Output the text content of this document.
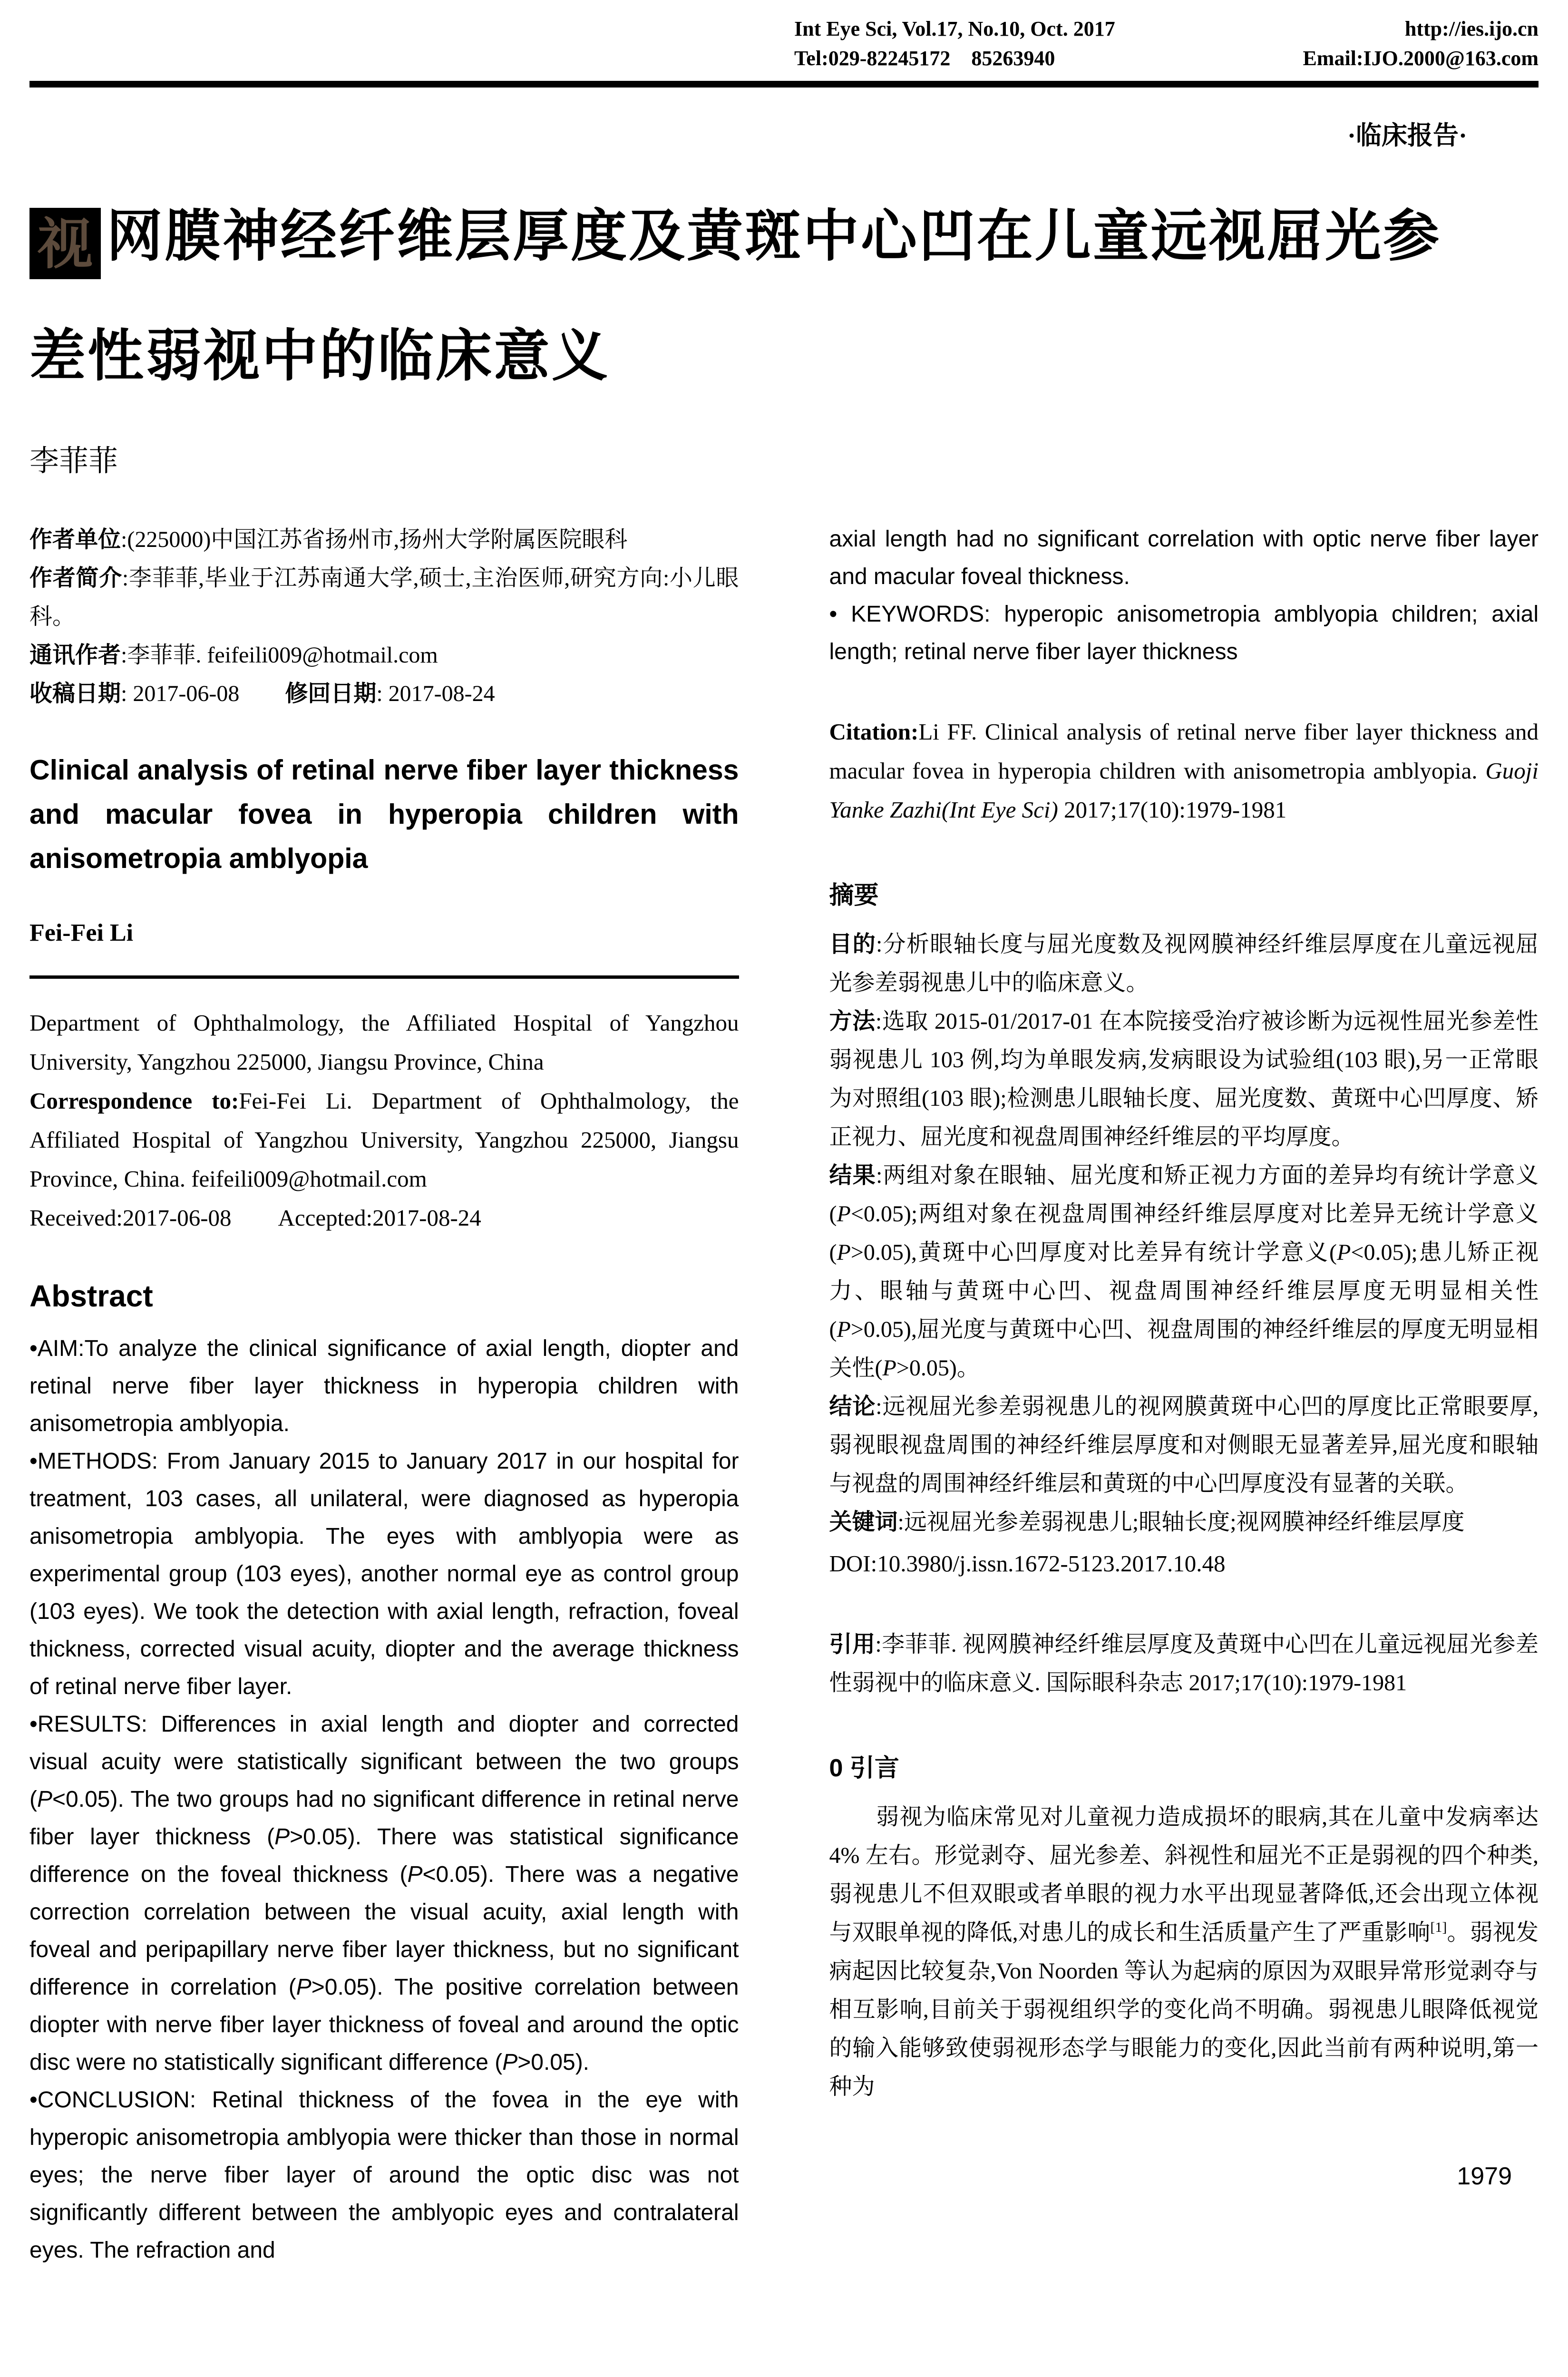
Int Eye Sci, Vol.17, No.10, Oct. 2017	http://ies.ijo.cn
Tel:029-82245172 85263940	Email:IJO.2000@163.com
·临床报告·
视 网膜神经纤维层厚度及黄斑中心凹在儿童远视屈光参
差性弱视中的临床意义
李菲菲

作者单位:(225000)中国江苏省扬州市,扬州大学附属医院眼科

作者简介:李菲菲,毕业于江苏南通大学,硕士,主治医师,研究方向:小儿眼科。

通讯作者:李菲菲. feifeili009@hotmail.com

收稿日期: 2017-06-08  修回日期: 2017-08-24

Clinical analysis of retinal nerve fiber layer thickness and macular fovea in hyperopia children with anisometropia amblyopia
Fei-Fei Li

Department of Ophthalmology, the Affiliated Hospital of Yangzhou University, Yangzhou 225000, Jiangsu Province, China

Correspondence to:Fei-Fei Li. Department of Ophthalmology, the Affiliated Hospital of Yangzhou University, Yangzhou 225000, Jiangsu Province, China. feifeili009@hotmail.com

Received:2017-06-08  Accepted:2017-08-24

Abstract

•AIM:To analyze the clinical significance of axial length, diopter and retinal nerve fiber layer thickness in hyperopia children with anisometropia amblyopia.

•METHODS: From January 2015 to January 2017 in our hospital for treatment, 103 cases, all unilateral, were diagnosed as hyperopia anisometropia amblyopia. The eyes with amblyopia were as experimental group (103 eyes), another normal eye as control group (103 eyes). We took the detection with axial length, refraction, foveal thickness, corrected visual acuity, diopter and the average thickness of retinal nerve fiber layer.

•RESULTS: Differences in axial length and diopter and corrected visual acuity were statistically significant between the two groups (P<0.05). The two groups had no significant difference in retinal nerve fiber layer thickness (P>0.05). There was statistical significance difference on the foveal thickness (P<0.05). There was a negative correction correlation between the visual acuity, axial length with foveal and peripapillary nerve fiber layer thickness, but no significant difference in correlation (P>0.05). The positive correlation between diopter with nerve fiber layer thickness of foveal and around the optic disc were no statistically significant difference (P>0.05).

•CONCLUSION: Retinal thickness of the fovea in the eye with hyperopic anisometropia amblyopia were thicker than those in normal eyes; the nerve fiber layer of around the optic disc was not significantly different between the amblyopic eyes and contralateral eyes. The refraction and

axial length had no significant correlation with optic nerve fiber layer and macular foveal thickness.

• KEYWORDS: hyperopic anisometropia amblyopia children; axial length; retinal nerve fiber layer thickness

Citation:Li FF. Clinical analysis of retinal nerve fiber layer thickness and macular fovea in hyperopia children with anisometropia amblyopia. Guoji Yanke Zazhi(Int Eye Sci) 2017;17(10):1979-1981

摘要

目的:分析眼轴长度与屈光度数及视网膜神经纤维层厚度在儿童远视屈光参差弱视患儿中的临床意义。

方法:选取 2015-01/2017-01 在本院接受治疗被诊断为远视性屈光参差性弱视患儿 103 例,均为单眼发病,发病眼设为试验组(103 眼),另一正常眼为对照组(103 眼);检测患儿眼轴长度、屈光度数、黄斑中心凹厚度、矫正视力、屈光度和视盘周围神经纤维层的平均厚度。

结果:两组对象在眼轴、屈光度和矫正视力方面的差异均有统计学意义(P<0.05);两组对象在视盘周围神经纤维层厚度对比差异无统计学意义(P>0.05),黄斑中心凹厚度对比差异有统计学意义(P<0.05);患儿矫正视力、眼轴与黄斑中心凹、视盘周围神经纤维层厚度无明显相关性(P>0.05),屈光度与黄斑中心凹、视盘周围的神经纤维层的厚度无明显相关性(P>0.05)。

结论:远视屈光参差弱视患儿的视网膜黄斑中心凹的厚度比正常眼要厚,弱视眼视盘周围的神经纤维层厚度和对侧眼无显著差异,屈光度和眼轴与视盘的周围神经纤维层和黄斑的中心凹厚度没有显著的关联。

关键词:远视屈光参差弱视患儿;眼轴长度;视网膜神经纤维层厚度

DOI:10.3980/j.issn.1672-5123.2017.10.48

引用:李菲菲. 视网膜神经纤维层厚度及黄斑中心凹在儿童远视屈光参差性弱视中的临床意义. 国际眼科杂志 2017;17(10):1979-1981

0 引言

　　弱视为临床常见对儿童视力造成损坏的眼病,其在儿童中发病率达 4% 左右。形觉剥夺、屈光参差、斜视性和屈光不正是弱视的四个种类,弱视患儿不但双眼或者单眼的视力水平出现显著降低,还会出现立体视与双眼单视的降低,对患儿的成长和生活质量产生了严重影响[1]。弱视发病起因比较复杂,Von Noorden 等认为起病的原因为双眼异常形觉剥夺与相互影响,目前关于弱视组织学的变化尚不明确。弱视患儿眼降低视觉的输入能够致使弱视形态学与眼能力的变化,因此当前有两种说明,第一种为

1979
